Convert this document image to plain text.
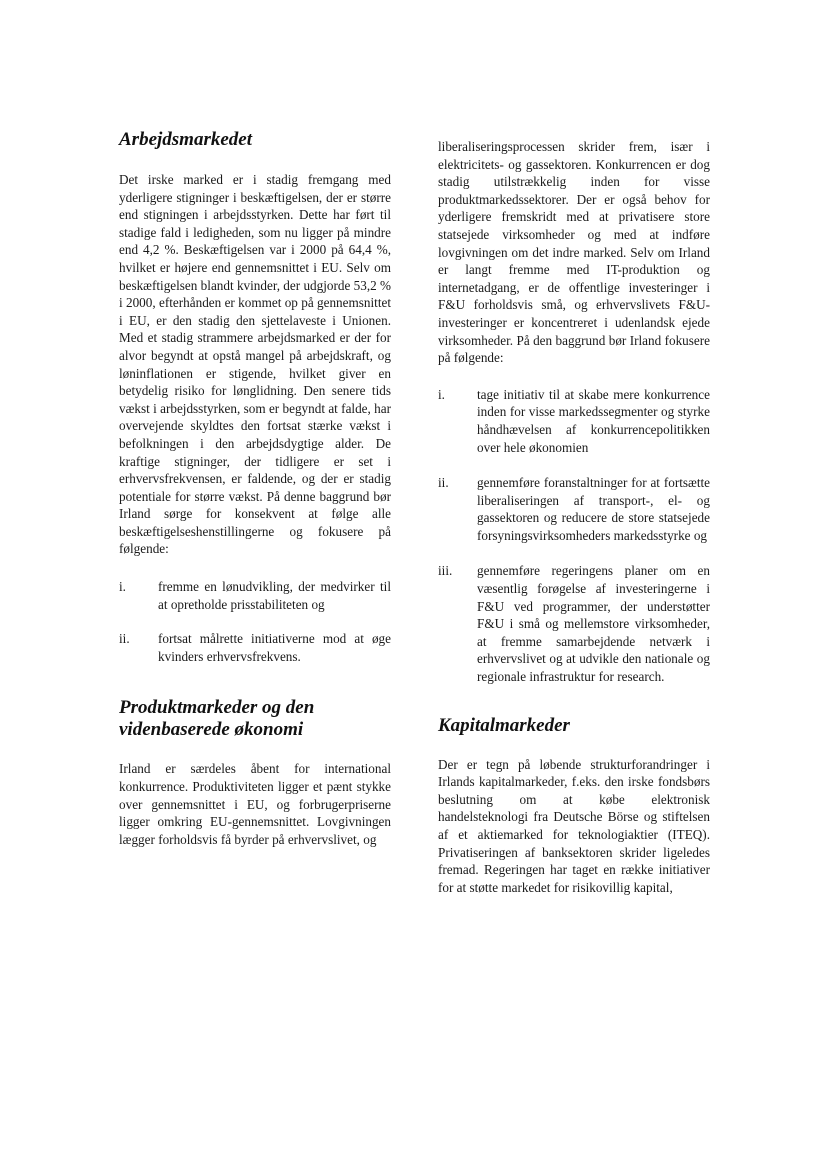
Arbejdsmarkedet

Det irske marked er i stadig fremgang med yderligere stigninger i beskæftigelsen, der er større end stigningen i arbejdsstyrken. Dette har ført til stadige fald i ledigheden, som nu ligger på mindre end 4,2 %. Beskæftigelsen var i 2000 på 64,4 %, hvilket er højere end gennemsnittet i EU. Selv om beskæftigelsen blandt kvinder, der udgjorde 53,2 % i 2000, efterhånden er kommet op på gennemsnittet i EU, er den stadig den sjettelaveste i Unionen. Med et stadig strammere arbejdsmarked er der for alvor begyndt at opstå mangel på arbejdskraft, og løninflationen er stigende, hvilket giver en betydelig risiko for lønglidning. Den senere tids vækst i arbejdsstyrken, som er begyndt at falde, har overvejende skyldtes den fortsat stærke vækst i befolkningen i den arbejdsdygtige alder. De kraftige stigninger, der tidligere er set i erhvervsfrekvensen, er faldende, og der er stadig potentiale for større vækst. På denne baggrund bør Irland sørge for konsekvent at følge alle beskæftigelseshenstillingerne og fokusere på følgende:

i. fremme en lønudvikling, der medvirker til at opretholde prisstabiliteten og
ii. fortsat målrette initiativerne mod at øge kvinders erhvervsfrekvens.
Produktmarkeder og den videnbaserede økonomi

Irland er særdeles åbent for international konkurrence. Produktiviteten ligger et pænt stykke over gennemsnittet i EU, og forbrugerpriserne ligger omkring EU-gennemsnittet. Lovgivningen lægger forholdsvis få byrder på erhvervslivet, og

liberaliseringsprocessen skrider frem, især i elektricitets- og gassektoren. Konkurrencen er dog stadig utilstrækkelig inden for visse produktmarkedssektorer. Der er også behov for yderligere fremskridt med at privatisere store statsejede virksomheder og med at indføre lovgivningen om det indre marked. Selv om Irland er langt fremme med IT-produktion og internetadgang, er de offentlige investeringer i F&U forholdsvis små, og erhvervslivets F&U-investeringer er koncentreret i udenlandsk ejede virksomheder. På den baggrund bør Irland fokusere på følgende:

i. tage initiativ til at skabe mere konkurrence inden for visse markedssegmenter og styrke håndhævelsen af konkurrencepolitikken over hele økonomien
ii. gennemføre foranstaltninger for at fortsætte liberaliseringen af transport-, el- og gassektoren og reducere de store statsejede forsyningsvirksomheders markedsstyrke og
iii. gennemføre regeringens planer om en væsentlig forøgelse af investeringerne i F&U ved programmer, der understøtter F&U i små og mellemstore virksomheder, at fremme samarbejdende netværk i erhvervslivet og at udvikle den nationale og regionale infrastruktur for research.
Kapitalmarkeder

Der er tegn på løbende strukturforandringer i Irlands kapitalmarkeder, f.eks. den irske fondsbørs beslutning om at købe elektronisk handelsteknologi fra Deutsche Börse og stiftelsen af et aktiemarked for teknologiaktier (ITEQ). Privatiseringen af banksektoren skrider ligeledes fremad. Regeringen har taget en række initiativer for at støtte markedet for risikovillig kapital,
